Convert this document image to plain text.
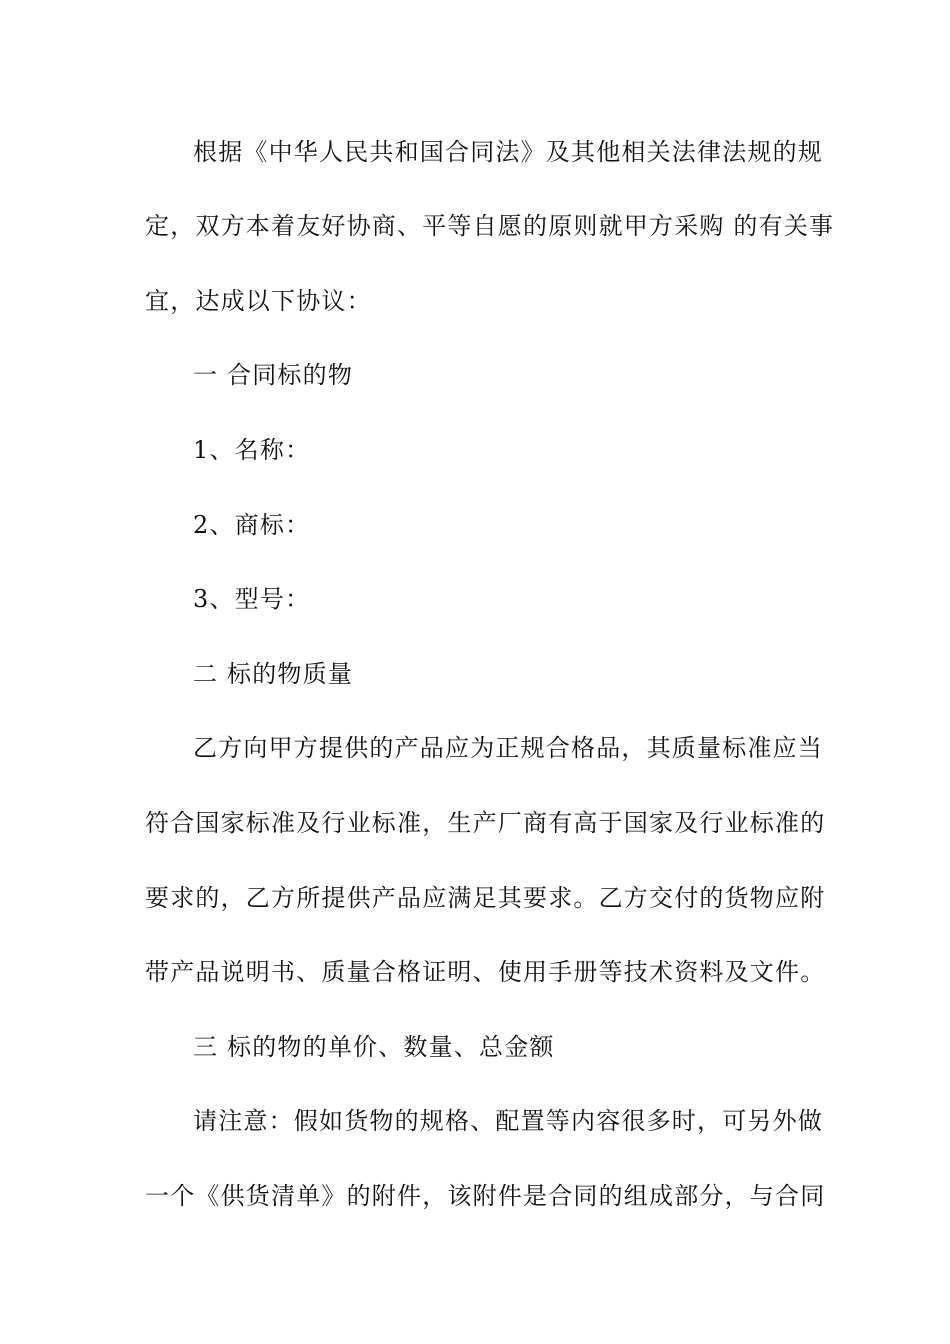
根据《中华人民共和国合同法》及其他相关法律法规的规
定，双方本着友好协商、平等自愿的原则就甲方采购 的有关事
宜，达成以下协议：
一 合同标的物
1、名称：
2、商标：
3、型号：
二 标的物质量
乙方向甲方提供的产品应为正规合格品，其质量标准应当
符合国家标准及行业标准，生产厂商有高于国家及行业标准的
要求的，乙方所提供产品应满足其要求。乙方交付的货物应附
带产品说明书、质量合格证明、使用手册等技术资料及文件。
三 标的物的单价、数量、总金额
请注意：假如货物的规格、配置等内容很多时，可另外做
一个《供货清单》的附件，该附件是合同的组成部分，与合同
